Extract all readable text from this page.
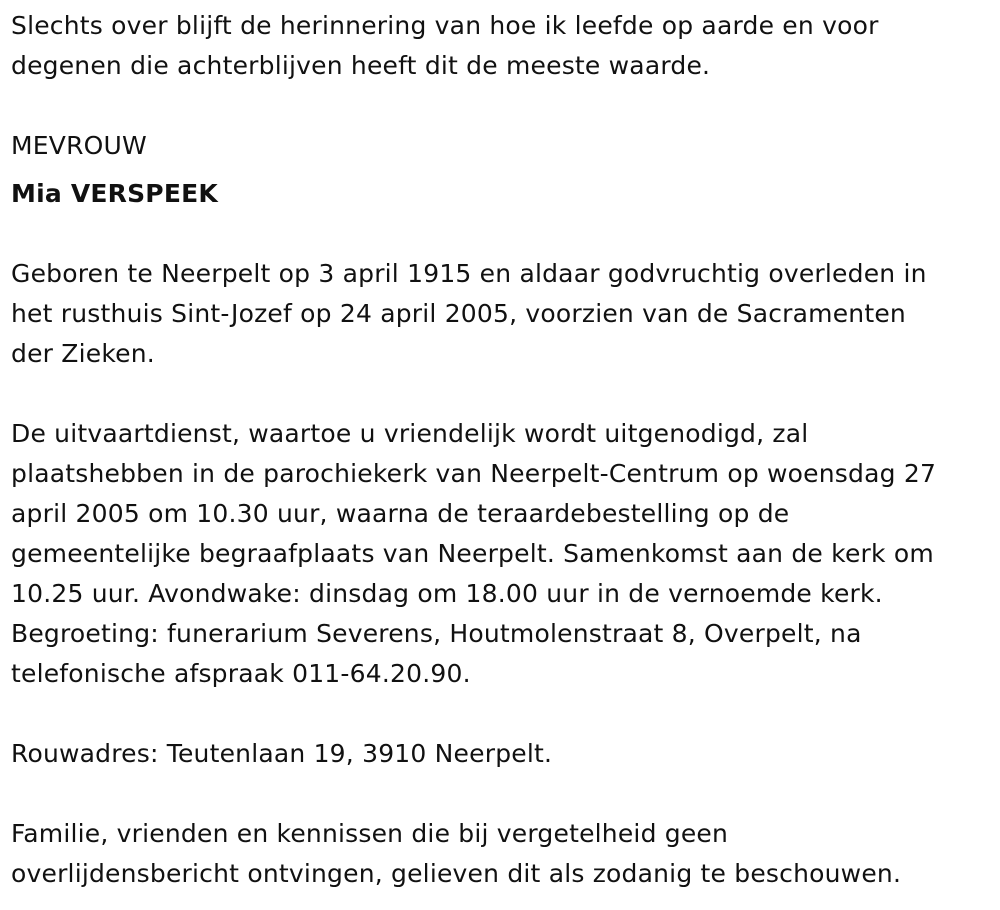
Slechts over blijft de herinnering van hoe ik leefde op aarde en voor

degenen die achterblijven heeft dit de meeste waarde.

MEVROUW

Mia VERSPEEK

Geboren te Neerpelt op 3 april 1915 en aldaar godvruchtig overleden in

het rusthuis Sint-Jozef op 24 april 2005, voorzien van de Sacramenten

der Zieken.

De uitvaartdienst, waartoe u vriendelijk wordt uitgenodigd, zal

plaatshebben in de parochiekerk van Neerpelt-Centrum op woensdag 27

april 2005 om 10.30 uur, waarna de teraardebestelling op de

gemeentelijke begraafplaats van Neerpelt. Samenkomst aan de kerk om

10.25 uur. Avondwake: dinsdag om 18.00 uur in de vernoemde kerk.

Begroeting: funerarium Severens, Houtmolenstraat 8, Overpelt, na

telefonische afspraak 011-64.20.90.

Rouwadres: Teutenlaan 19, 3910 Neerpelt.

Familie, vrienden en kennissen die bij vergetelheid geen

overlijdensbericht ontvingen, gelieven dit als zodanig te beschouwen.
